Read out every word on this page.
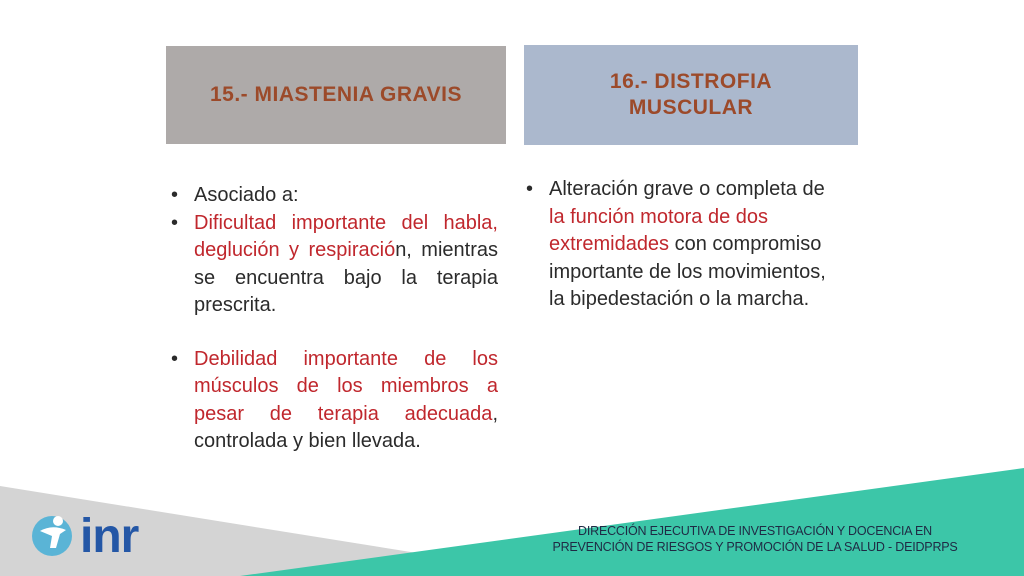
15.- MIASTENIA GRAVIS
16.- DISTROFIA
MUSCULAR

• Asociado a:

• Dificultad importante del habla, deglución y respiración, mientras se encuentra bajo la terapia prescrita.

• Debilidad importante de los músculos de los miembros a pesar de terapia adecuada, controlada y bien llevada.

• Alteración grave o completa de la función motora de dos extremidades con compromiso importante de los movimientos, la bipedestación o la marcha.

inr	DIRECCIÓN EJECUTIVA DE INVESTIGACIÓN Y DOCENCIA EN
PREVENCIÓN DE RIESGOS Y PROMOCIÓN DE LA SALUD - DEIDPRPS
